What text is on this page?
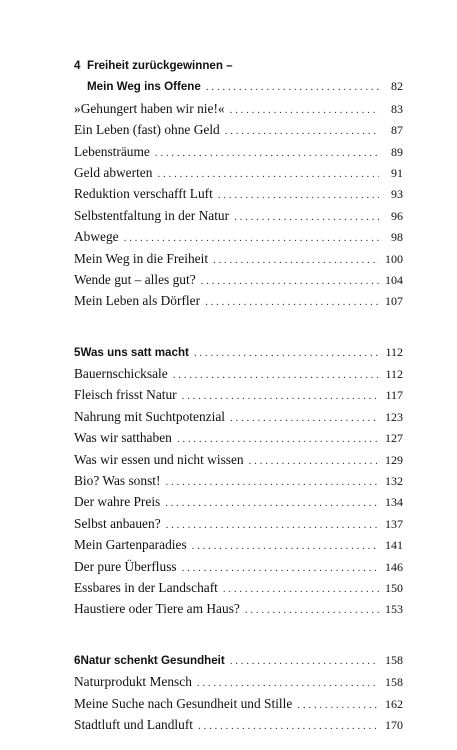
4 Freiheit zurückgewinnen –
Mein Weg ins Offene . . .	82
»Gehungert haben wir nie!« . . .	83
Ein Leben (fast) ohne Geld . . .	87
Lebensträume . . .	89
Geld abwerten . . .	91
Reduktion verschafft Luft . . .	93
Selbstentfaltung in der Natur . . .	96
Abwege . . .	98
Mein Weg in die Freiheit . . .	100
Wende gut – alles gut? . . .	104
Mein Leben als Dörfler . . .	107
5 Was uns satt macht . . .	112
Bauernschicksale . . .	112
Fleisch frisst Natur . . .	117
Nahrung mit Suchtpotenzial . . .	123
Was wir satthaben . . .	127
Was wir essen und nicht wissen . . .	129
Bio? Was sonst! . . .	132
Der wahre Preis . . .	134
Selbst anbauen? . . .	137
Mein Gartenparadies . . .	141
Der pure Überfluss . . .	146
Essbares in der Landschaft . . .	150
Haustiere oder Tiere am Haus? . . .	153
6 Natur schenkt Gesundheit . . .	158
Naturprodukt Mensch . . .	158
Meine Suche nach Gesundheit und Stille . . .	162
Stadtluft und Landluft . . .	170
